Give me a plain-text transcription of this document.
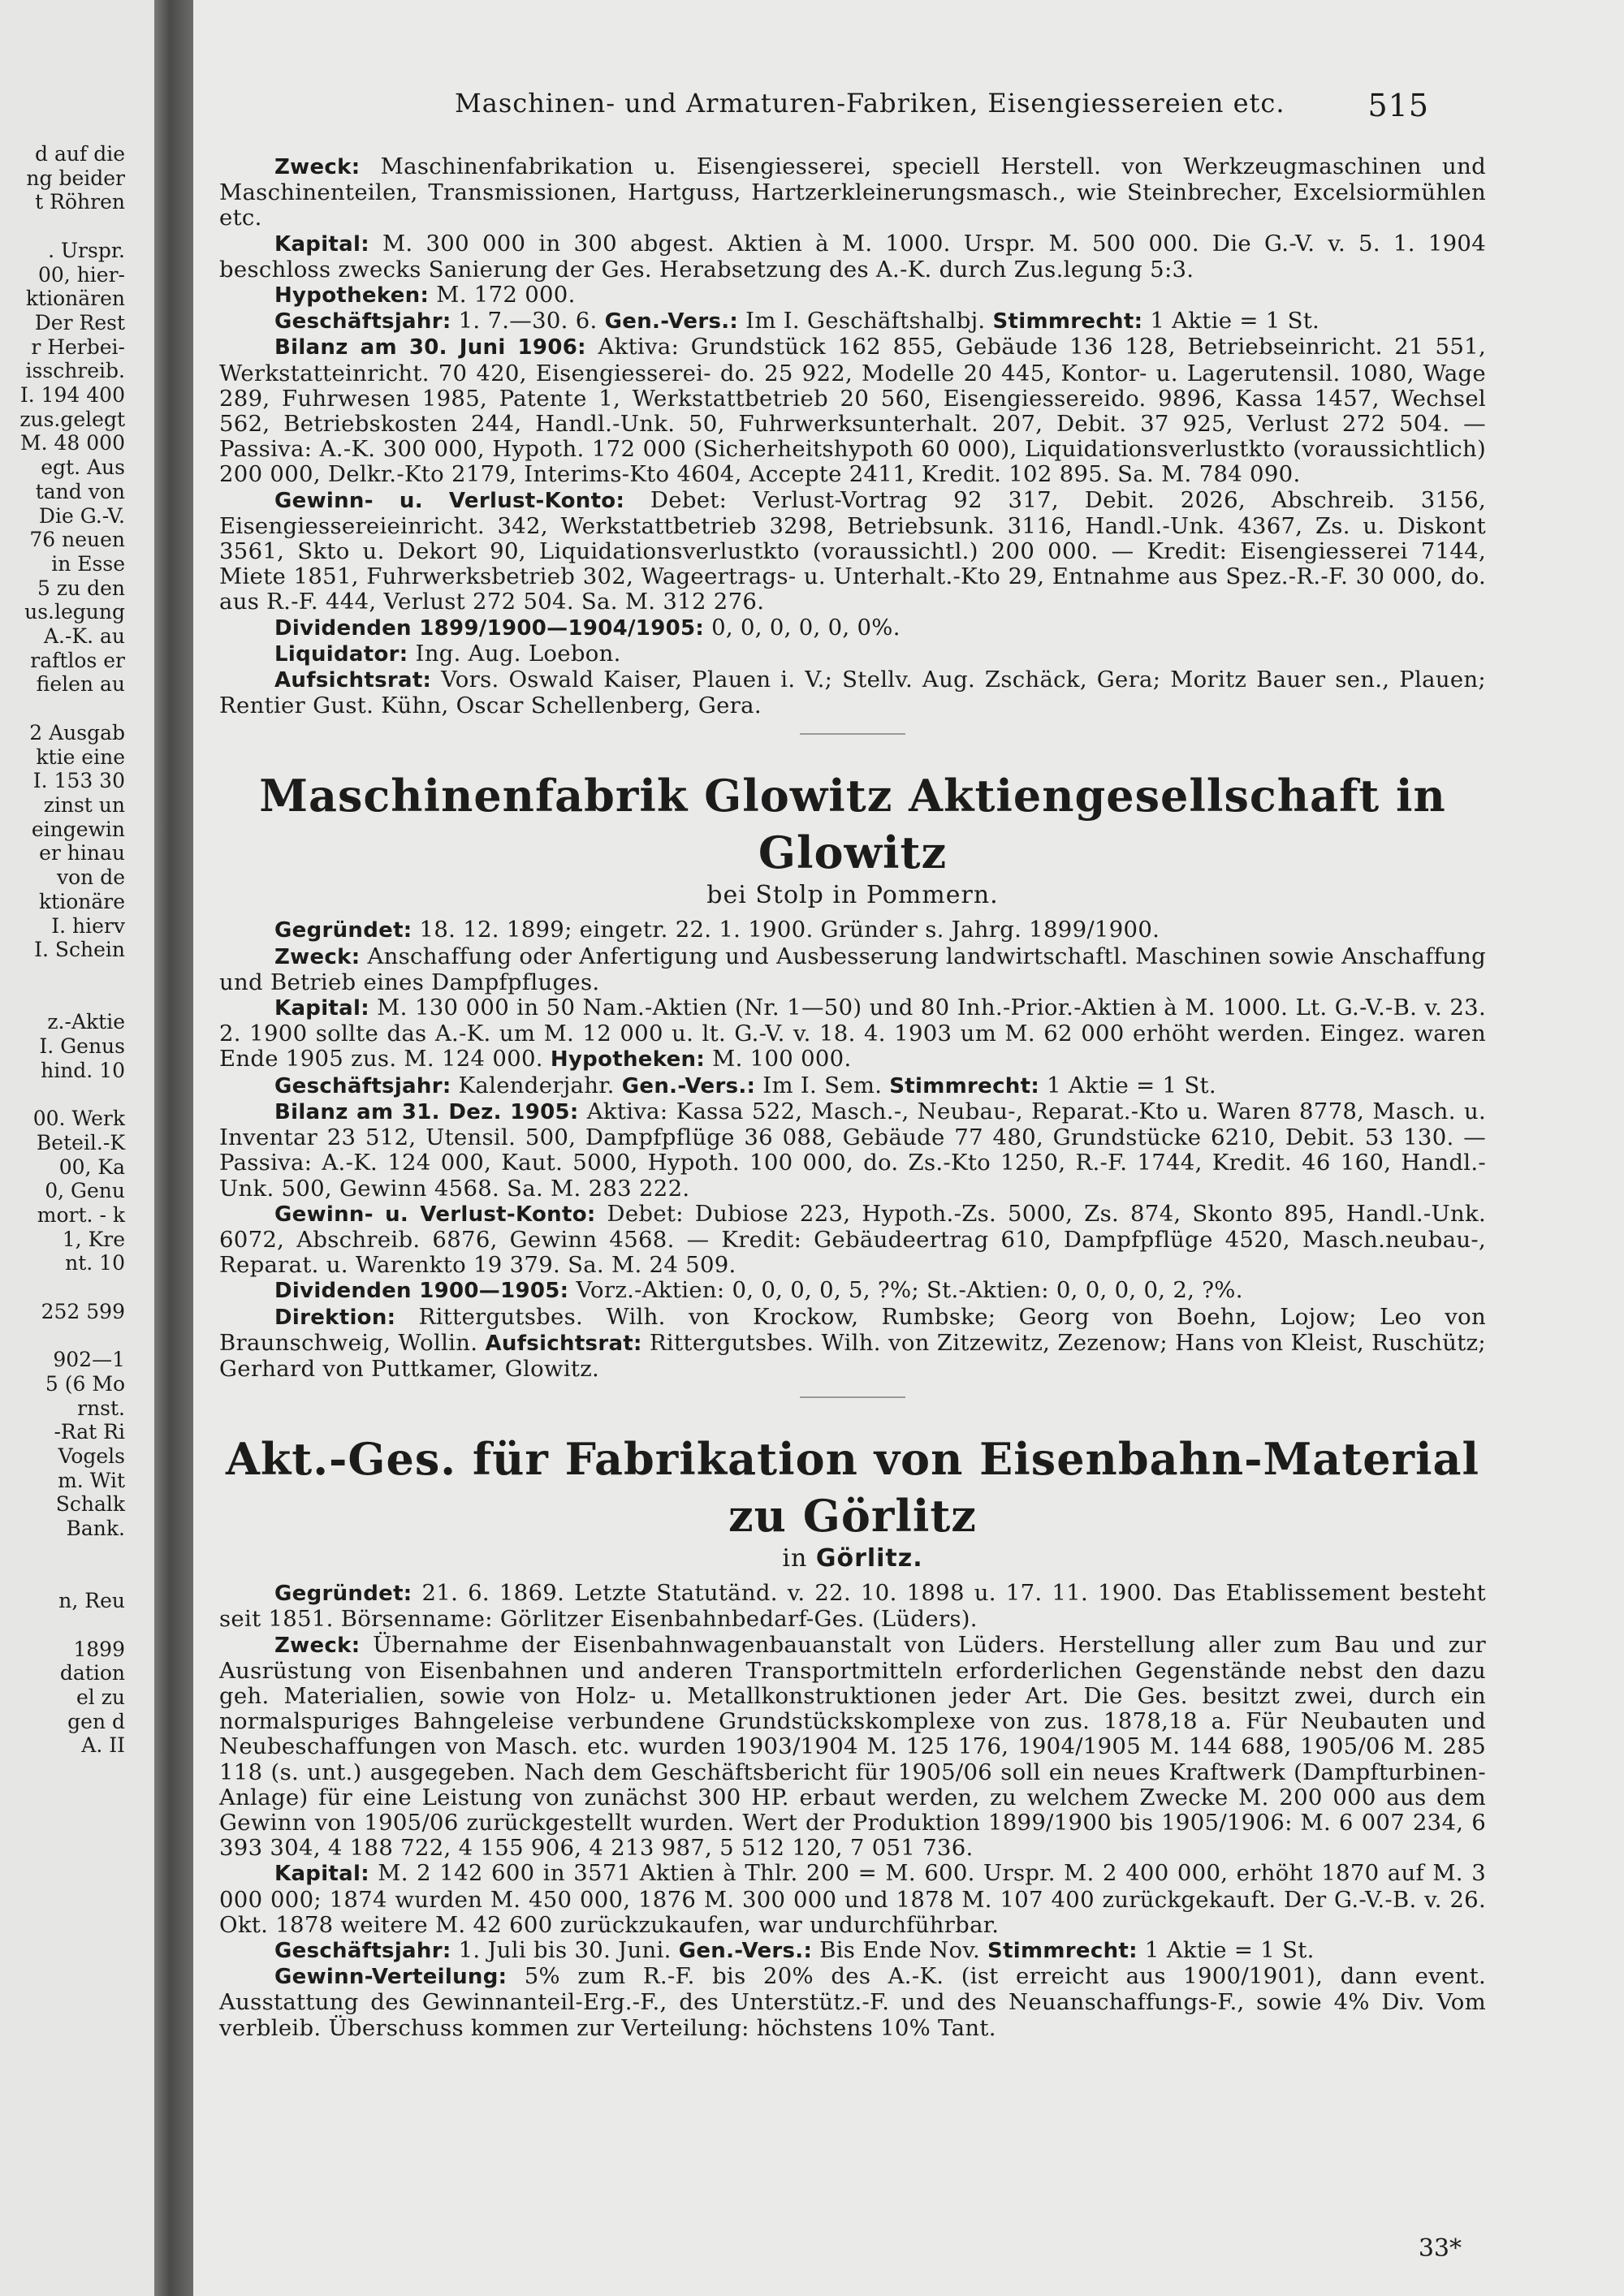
d auf die
ng beider
t Röhren

. Urspr.
00, hier-
ktionären
Der Rest
r Herbei-
isschreib.
I. 194 400
zus.gelegt
M. 48 000
egt. Aus
tand von
Die G.-V.
76 neuen
in Esse
5 zu den
us.legung
A.-K. au
raftlos er
fielen au

2 Ausgab
ktie eine
I. 153 30
zinst un
eingewin
er hinau
von de
ktionäre
I. hierv
I. Schein

z.-Aktie
I. Genus
hind. 10

00. Werk
Beteil.-K
00, Ka
0, Genu
mort. - k
1, Kre
nt. 10

252 599

902—1
5 (6 Mo
rnst.
-Rat Ri
Vogels
m. Wit
Schalk
Bank.

n, Reu

1899
dation
el zu
gen d
A. II
Maschinen- und Armaturen-Fabriken, Eisengiessereien etc.	515

Zweck: Maschinenfabrikation u. Eisengiesserei, speciell Herstell. von Werkzeugmaschinen und Maschinenteilen, Transmissionen, Hartguss, Hartzerkleinerungsmasch., wie Steinbrecher, Excelsiormühlen etc.

Kapital: M. 300 000 in 300 abgest. Aktien à M. 1000. Urspr. M. 500 000. Die G.-V. v. 5. 1. 1904 beschloss zwecks Sanierung der Ges. Herabsetzung des A.-K. durch Zus.legung 5:3.

Hypotheken: M. 172 000.

Geschäftsjahr: 1. 7.—30. 6. Gen.-Vers.: Im I. Geschäftshalbj. Stimmrecht: 1 Aktie = 1 St.

Bilanz am 30. Juni 1906: Aktiva: Grundstück 162 855, Gebäude 136 128, Betriebseinricht. 21 551, Werkstatteinricht. 70 420, Eisengiesserei- do. 25 922, Modelle 20 445, Kontor- u. Lagerutensil. 1080, Wage 289, Fuhrwesen 1985, Patente 1, Werkstattbetrieb 20 560, Eisengiessereido. 9896, Kassa 1457, Wechsel 562, Betriebskosten 244, Handl.-Unk. 50, Fuhrwerksunterhalt. 207, Debit. 37 925, Verlust 272 504. — Passiva: A.-K. 300 000, Hypoth. 172 000 (Sicherheitshypoth 60 000), Liquidationsverlustkto (voraussichtlich) 200 000, Delkr.-Kto 2179, Interims-Kto 4604, Accepte 2411, Kredit. 102 895. Sa. M. 784 090.

Gewinn- u. Verlust-Konto: Debet: Verlust-Vortrag 92 317, Debit. 2026, Abschreib. 3156, Eisengiessereieinricht. 342, Werkstattbetrieb 3298, Betriebsunk. 3116, Handl.-Unk. 4367, Zs. u. Diskont 3561, Skto u. Dekort 90, Liquidationsverlustkto (voraussichtl.) 200 000. — Kredit: Eisengiesserei 7144, Miete 1851, Fuhrwerksbetrieb 302, Wageertrags- u. Unterhalt.-Kto 29, Entnahme aus Spez.-R.-F. 30 000, do. aus R.-F. 444, Verlust 272 504. Sa. M. 312 276.

Dividenden 1899/1900—1904/1905: 0, 0, 0, 0, 0, 0%.

Liquidator: Ing. Aug. Loebon.

Aufsichtsrat: Vors. Oswald Kaiser, Plauen i. V.; Stellv. Aug. Zschäck, Gera; Moritz Bauer sen., Plauen; Rentier Gust. Kühn, Oscar Schellenberg, Gera.

Maschinenfabrik Glowitz Aktiengesellschaft in Glowitz
bei Stolp in Pommern.

Gegründet: 18. 12. 1899; eingetr. 22. 1. 1900. Gründer s. Jahrg. 1899/1900.

Zweck: Anschaffung oder Anfertigung und Ausbesserung landwirtschaftl. Maschinen sowie Anschaffung und Betrieb eines Dampfpfluges.

Kapital: M. 130 000 in 50 Nam.-Aktien (Nr. 1—50) und 80 Inh.-Prior.-Aktien à M. 1000. Lt. G.-V.-B. v. 23. 2. 1900 sollte das A.-K. um M. 12 000 u. lt. G.-V. v. 18. 4. 1903 um M. 62 000 erhöht werden. Eingez. waren Ende 1905 zus. M. 124 000. Hypotheken: M. 100 000.

Geschäftsjahr: Kalenderjahr. Gen.-Vers.: Im I. Sem. Stimmrecht: 1 Aktie = 1 St.

Bilanz am 31. Dez. 1905: Aktiva: Kassa 522, Masch.-, Neubau-, Reparat.-Kto u. Waren 8778, Masch. u. Inventar 23 512, Utensil. 500, Dampfpflüge 36 088, Gebäude 77 480, Grundstücke 6210, Debit. 53 130. — Passiva: A.-K. 124 000, Kaut. 5000, Hypoth. 100 000, do. Zs.-Kto 1250, R.-F. 1744, Kredit. 46 160, Handl.-Unk. 500, Gewinn 4568. Sa. M. 283 222.

Gewinn- u. Verlust-Konto: Debet: Dubiose 223, Hypoth.-Zs. 5000, Zs. 874, Skonto 895, Handl.-Unk. 6072, Abschreib. 6876, Gewinn 4568. — Kredit: Gebäudeertrag 610, Dampfpflüge 4520, Masch.neubau-, Reparat. u. Warenkto 19 379. Sa. M. 24 509.

Dividenden 1900—1905: Vorz.-Aktien: 0, 0, 0, 0, 5, ?%; St.-Aktien: 0, 0, 0, 0, 2, ?%.

Direktion: Rittergutsbes. Wilh. von Krockow, Rumbske; Georg von Boehn, Lojow; Leo von Braunschweig, Wollin. Aufsichtsrat: Rittergutsbes. Wilh. von Zitzewitz, Zezenow; Hans von Kleist, Ruschütz; Gerhard von Puttkamer, Glowitz.

Akt.-Ges. für Fabrikation von Eisenbahn-Material zu Görlitz
in Görlitz.

Gegründet: 21. 6. 1869. Letzte Statutänd. v. 22. 10. 1898 u. 17. 11. 1900. Das Etablissement besteht seit 1851. Börsenname: Görlitzer Eisenbahnbedarf-Ges. (Lüders).

Zweck: Übernahme der Eisenbahnwagenbauanstalt von Lüders. Herstellung aller zum Bau und zur Ausrüstung von Eisenbahnen und anderen Transportmitteln erforderlichen Gegenstände nebst den dazu geh. Materialien, sowie von Holz- u. Metallkonstruktionen jeder Art. Die Ges. besitzt zwei, durch ein normalspuriges Bahngeleise verbundene Grundstückskomplexe von zus. 1878,18 a. Für Neubauten und Neubeschaffungen von Masch. etc. wurden 1903/1904 M. 125 176, 1904/1905 M. 144 688, 1905/06 M. 285 118 (s. unt.) ausgegeben. Nach dem Geschäftsbericht für 1905/06 soll ein neues Kraftwerk (Dampfturbinen-Anlage) für eine Leistung von zunächst 300 HP. erbaut werden, zu welchem Zwecke M. 200 000 aus dem Gewinn von 1905/06 zurückgestellt wurden. Wert der Produktion 1899/1900 bis 1905/1906: M. 6 007 234, 6 393 304, 4 188 722, 4 155 906, 4 213 987, 5 512 120, 7 051 736.

Kapital: M. 2 142 600 in 3571 Aktien à Thlr. 200 = M. 600. Urspr. M. 2 400 000, erhöht 1870 auf M. 3 000 000; 1874 wurden M. 450 000, 1876 M. 300 000 und 1878 M. 107 400 zurückgekauft. Der G.-V.-B. v. 26. Okt. 1878 weitere M. 42 600 zurückzukaufen, war undurchführbar.

Geschäftsjahr: 1. Juli bis 30. Juni. Gen.-Vers.: Bis Ende Nov. Stimmrecht: 1 Aktie = 1 St.

Gewinn-Verteilung: 5% zum R.-F. bis 20% des A.-K. (ist erreicht aus 1900/1901), dann event. Ausstattung des Gewinnanteil-Erg.-F., des Unterstütz.-F. und des Neuanschaffungs-F., sowie 4% Div. Vom verbleib. Überschuss kommen zur Verteilung: höchstens 10% Tant.

33*
